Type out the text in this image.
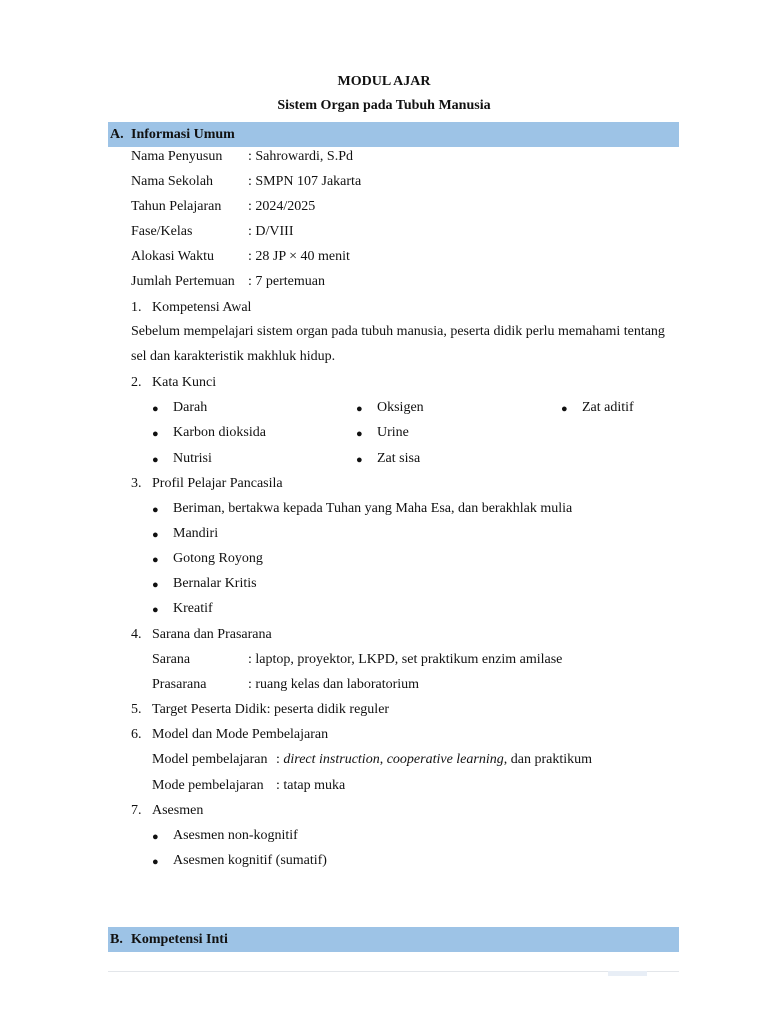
MODUL AJAR
Sistem Organ pada Tubuh Manusia
A. Informasi Umum
Nama Penyusun : Sahrowardi, S.Pd
Nama Sekolah : SMPN 107 Jakarta
Tahun Pelajaran : 2024/2025
Fase/Kelas	: D/VIII
Alokasi Waktu : 28 JP × 40 menit
Jumlah Pertemuan : 7 pertemuan
1. Kompetensi Awal
Sebelum mempelajari sistem organ pada tubuh manusia, peserta didik perlu memahami tentang sel dan karakteristik makhluk hidup.
2. Kata Kunci
● Darah
● Karbon dioksida
● Nutrisi
● Oksigen
● Urine
● Zat sisa
● Zat aditif
3. Profil Pelajar Pancasila
● Beriman, bertakwa kepada Tuhan yang Maha Esa, dan berakhlak mulia
● Mandiri
● Gotong Royong
● Bernalar Kritis
● Kreatif
4. Sarana dan Prasarana
Sarana	: laptop, proyektor, LKPD, set praktikum enzim amilase
Prasarana	: ruang kelas dan laboratorium
5. Target Peserta Didik: peserta didik reguler
6. Model dan Mode Pembelajaran
Model pembelajaran : direct instruction, cooperative learning, dan praktikum
Mode pembelajaran : tatap muka
7. Asesmen
● Asesmen non-kognitif
● Asesmen kognitif (sumatif)
B. Kompetensi Inti
